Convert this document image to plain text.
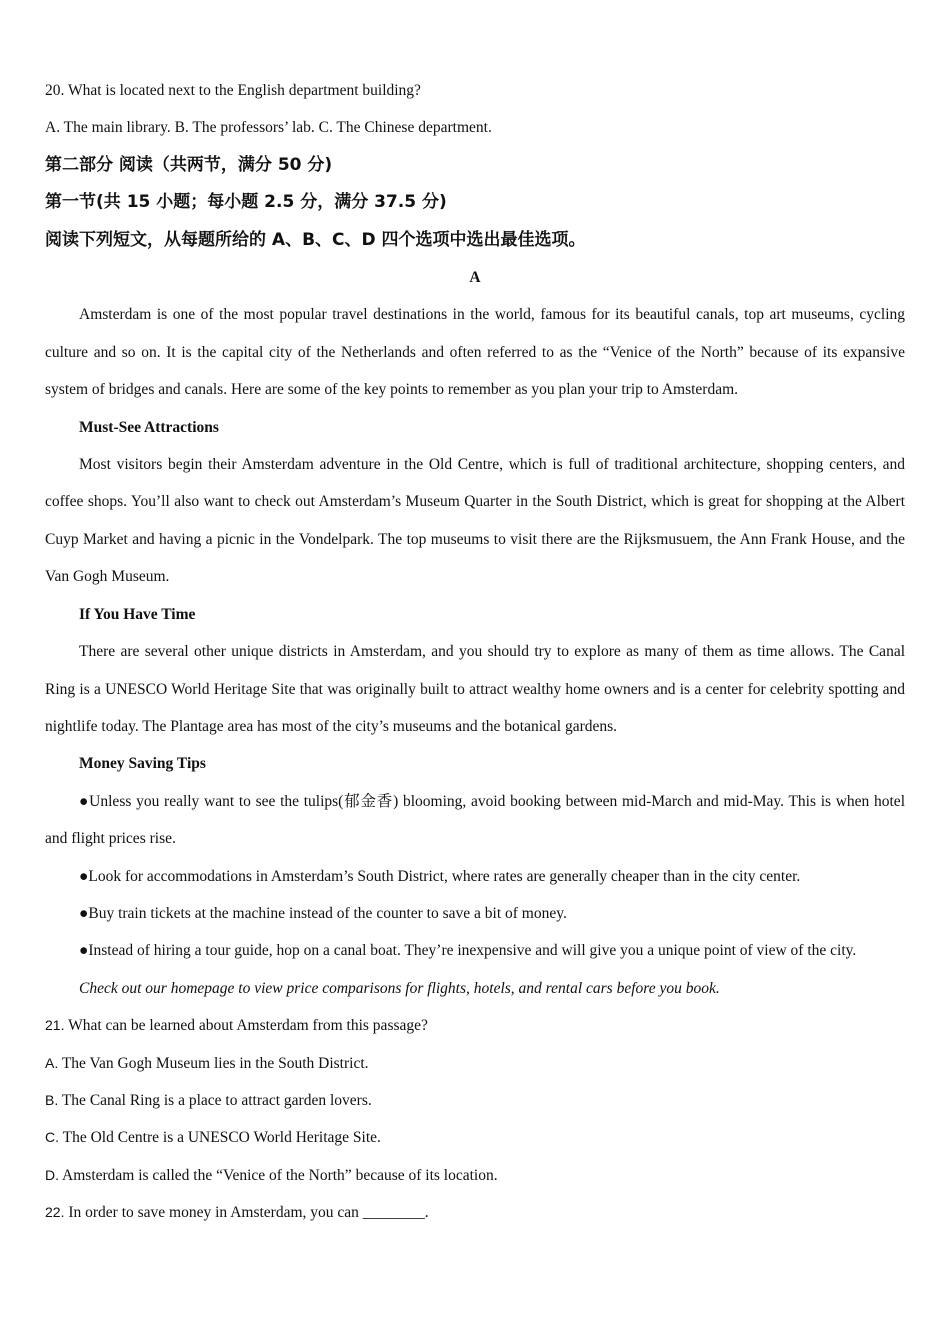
20. What is located next to the English department building?

A. The main library. B. The professors’ lab. C. The Chinese department.

第二部分 阅读（共两节，满分 50 分)

第一节(共 15 小题；每小题 2.5 分，满分 37.5 分)

阅读下列短文，从每题所给的 A、B、C、D 四个选项中选出最佳选项。

A

Amsterdam is one of the most popular travel destinations in the world, famous for its beautiful canals, top art museums, cycling culture and so on. It is the capital city of the Netherlands and often referred to as the “Venice of the North” because of its expansive system of bridges and canals. Here are some of the key points to remember as you plan your trip to Amsterdam.

Must-See Attractions

Most visitors begin their Amsterdam adventure in the Old Centre, which is full of traditional architecture, shopping centers, and coffee shops. You’ll also want to check out Amsterdam’s Museum Quarter in the South District, which is great for shopping at the Albert Cuyp Market and having a picnic in the Vondelpark. The top museums to visit there are the Rijksmusuem, the Ann Frank House, and the Van Gogh Museum.

If You Have Time

There are several other unique districts in Amsterdam, and you should try to explore as many of them as time allows. The Canal Ring is a UNESCO World Heritage Site that was originally built to attract wealthy home owners and is a center for celebrity spotting and nightlife today. The Plantage area has most of the city’s museums and the botanical gardens.

Money Saving Tips

●Unless you really want to see the tulips(郁金香) blooming, avoid booking between mid-March and mid-May. This is when hotel and flight prices rise.

●Look for accommodations in Amsterdam’s South District, where rates are generally cheaper than in the city center.

●Buy train tickets at the machine instead of the counter to save a bit of money.

●Instead of hiring a tour guide, hop on a canal boat. They’re inexpensive and will give you a unique point of view of the city.

Check out our homepage to view price comparisons for flights, hotels, and rental cars before you book.

21. What can be learned about Amsterdam from this passage?

A. The Van Gogh Museum lies in the South District.

B. The Canal Ring is a place to attract garden lovers.

C. The Old Centre is a UNESCO World Heritage Site.

D. Amsterdam is called the “Venice of the North” because of its location.

22. In order to save money in Amsterdam, you can ________.
